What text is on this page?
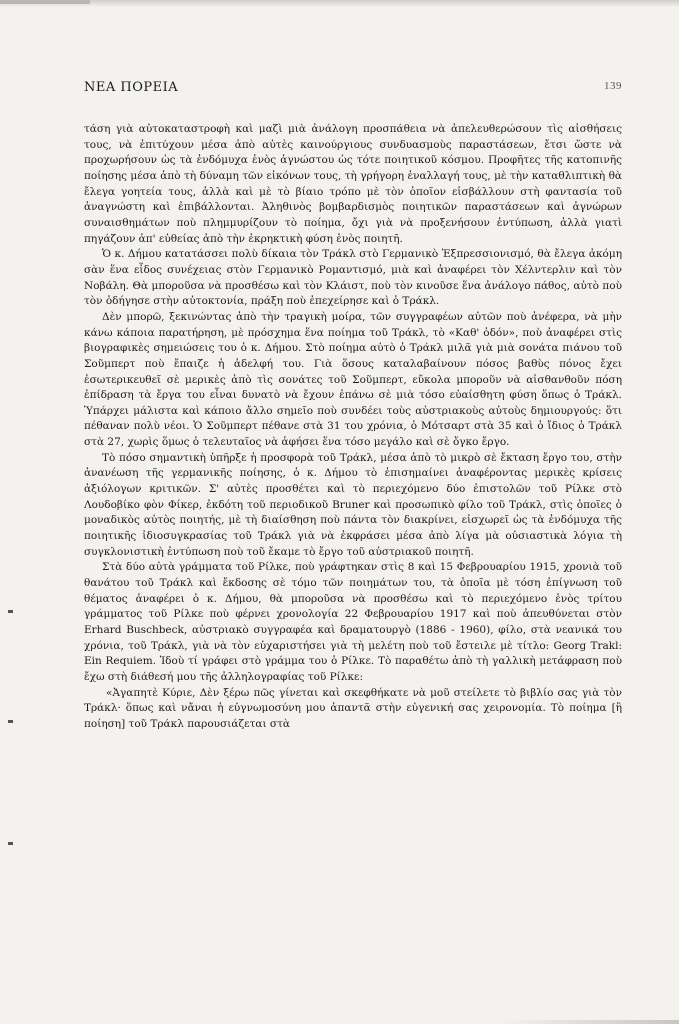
ΝΕΑ ΠΟΡΕΙΑ	139

τάση γιὰ αὐτοκαταστροφὴ καὶ μαζὶ μιὰ ἀνάλογη προσπάθεια νὰ ἀπελευθερώσουν τὶς αἰσθήσεις τους, νὰ ἐπιτύχουν μέσα ἀπὸ αὐτὲς καινούργιους συνδυασμοὺς παραστάσεων, ἔτσι ὥστε νὰ προχωρήσουν ὡς τὰ ἐνδόμυχα ἑνὸς ἀγνώστου ὡς τότε ποιητικοῦ κόσμου. Προφῆτες τῆς κατοπινῆς ποίησης μέσα ἀπὸ τὴ δύναμη τῶν εἰκόνων τους, τὴ γρήγορη ἐναλλαγή τους, μὲ τὴν καταθλιπτικὴ θὰ ἔλεγα γοητεία τους, ἀλλὰ καὶ μὲ τὸ βίαιο τρόπο μὲ τὸν ὁποῖον εἰσβάλλουν στὴ φαντασία τοῦ ἀναγνώστη καὶ ἐπιβάλλονται. Ἀληθινὸς βομβαρδισμὸς ποιητικῶν παραστάσεων καὶ ἀγνώρων συναισθημάτων ποὺ πλημμυρίζουν τὸ ποίημα, ὄχι γιὰ νὰ προξενήσουν ἐντύπωση, ἀλλὰ γιατὶ πηγάζουν ἀπ' εὐθείας ἀπὸ τὴν ἐκρηκτικὴ φύση ἑνὸς ποιητῆ.

Ὁ κ. Δήμου κατατάσσει πολὺ δίκαια τὸν Τράκλ στὸ Γερμανικὸ Ἐξπρεσσιονισμό, θὰ ἔλεγα ἀκόμη σὰν ἕνα εἶδος συνέχειας στὸν Γερμανικὸ Ρομαντισμό, μιὰ καὶ ἀναφέρει τὸν Χέλντερλιν καὶ τὸν Νοβάλη. Θὰ μποροῦσα νὰ προσθέσω καὶ τὸν Κλάιστ, ποὺ τὸν κινοῦσε ἕνα ἀνάλογο πάθος, αὐτὸ ποὺ τὸν ὁδήγησε στὴν αὐτοκτονία, πράξη ποὺ ἐπεχείρησε καὶ ὁ Τράκλ.

Δὲν μπορῶ, ξεκινώντας ἀπὸ τὴν τραγικὴ μοίρα, τῶν συγγραφέων αὐτῶν ποὺ ἀνέφερα, νὰ μὴν κάνω κάποια παρατήρηση, μὲ πρόσχημα ἕνα ποίημα τοῦ Τράκλ, τὸ «Καθ' ὁδόν», ποὺ ἀναφέρει στὶς βιογραφικὲς σημειώσεις του ὁ κ. Δήμου. Στὸ ποίημα αὐτὸ ὁ Τράκλ μιλᾶ γιὰ μιὰ σονάτα πιάνου τοῦ Σοῦμπερτ ποὺ ἔπαιζε ἡ ἀδελφή του. Γιὰ ὅσους καταλαβαίνουν πόσος βαθὺς πόνος ἔχει ἐσωτερικευθεῖ σὲ μερικὲς ἀπὸ τὶς σονάτες τοῦ Σοῦμπερτ, εὔκολα μποροῦν νὰ αἰσθανθοῦν πόση ἐπίδραση τὰ ἔργα του εἶναι δυνατὸ νὰ ἔχουν ἐπάνω σὲ μιὰ τόσο εὐαίσθητη φύση ὅπως ὁ Τράκλ. Ὑπάρχει μάλιστα καὶ κάποιο ἄλλο σημεῖο ποὺ συνδέει τοὺς αὐστριακοὺς αὐτοὺς δημιουργούς: ὅτι πέθαναν πολὺ νέοι. Ὁ Σοῦμπερτ πέθανε στὰ 31 του χρόνια, ὁ Μότσαρτ στὰ 35 καὶ ὁ ἴδιος ὁ Τράκλ στὰ 27, χωρὶς ὅμως ὁ τελευταῖος νὰ ἀφήσει ἕνα τόσο μεγάλο καὶ σὲ ὄγκο ἔργο.

Τὸ πόσο σημαντικὴ ὑπῆρξε ἡ προσφορὰ τοῦ Τράκλ, μέσα ἀπὸ τὸ μικρὸ σὲ ἔκταση ἔργο του, στὴν ἀνανέωση τῆς γερμανικῆς ποίησης, ὁ κ. Δήμου τὸ ἐπισημαίνει ἀναφέροντας μερικὲς κρίσεις ἀξιόλογων κριτικῶν. Σ' αὐτὲς προσθέτει καὶ τὸ περιεχόμενο δύο ἐπιστολῶν τοῦ Ρίλκε στὸ Λουδοβίκο φὸν Φίκερ, ἐκδότη τοῦ περιοδικοῦ Bruner καὶ προσωπικὸ φίλο τοῦ Τράκλ, στὶς ὁποῖες ὁ μοναδικὸς αὐτὸς ποιητής, μὲ τὴ διαίσθηση ποὺ πάντα τὸν διακρίνει, εἰσχωρεῖ ὡς τὰ ἐνδόμυχα τῆς ποιητικῆς ἰδιοσυγκρασίας τοῦ Τράκλ γιὰ νὰ ἐκφράσει μέσα ἀπὸ λίγα μὰ οὐσιαστικὰ λόγια τὴ συγκλονιστικὴ ἐντύπωση ποὺ τοῦ ἔκαμε τὸ ἔργο τοῦ αὐστριακοῦ ποιητῆ.

Στὰ δύο αὐτὰ γράμματα τοῦ Ρίλκε, ποὺ γράφτηκαν στὶς 8 καὶ 15 Φεβρουαρίου 1915, χρονιὰ τοῦ θανάτου τοῦ Τράκλ καὶ ἔκδοσης σὲ τόμο τῶν ποιημάτων του, τὰ ὁποῖα μὲ τόση ἐπίγνωση τοῦ θέματος ἀναφέρει ὁ κ. Δήμου, θὰ μποροῦσα νὰ προσθέσω καὶ τὸ περιεχόμενο ἑνὸς τρίτου γράμματος τοῦ Ρίλκε ποὺ φέρνει χρονολογία 22 Φεβρουαρίου 1917 καὶ ποὺ ἀπευθύνεται στὸν Erhard Buschbeck, αὐστριακὸ συγγραφέα καὶ δραματουργὸ (1886 - 1960), φίλο, στὰ νεανικά του χρόνια, τοῦ Τράκλ, γιὰ νὰ τὸν εὐχαριστήσει γιὰ τὴ μελέτη ποὺ τοῦ ἔστειλε μὲ τίτλο: Georg Trakl: Ein Requiem. Ἰδοὺ τί γράφει στὸ γράμμα του ὁ Ρίλκε. Τὸ παραθέτω ἀπὸ τὴ γαλλικὴ μετάφραση ποὺ ἔχω στὴ διάθεσή μου τῆς ἀλληλογραφίας τοῦ Ρίλκε:

«Ἀγαπητὲ Κύριε, Δὲν ξέρω πῶς γίνεται καὶ σκεφθήκατε νὰ μοῦ στείλετε τὸ βιβλίο σας γιὰ τὸν Τράκλ· ὅπως καὶ νἄναι ἡ εὐγνωμοσύνη μου ἀπαντᾶ στὴν εὐγενική σας χειρονομία. Τὸ ποίημα [ἢ ποίηση] τοῦ Τράκλ παρουσιάζεται στὰ
